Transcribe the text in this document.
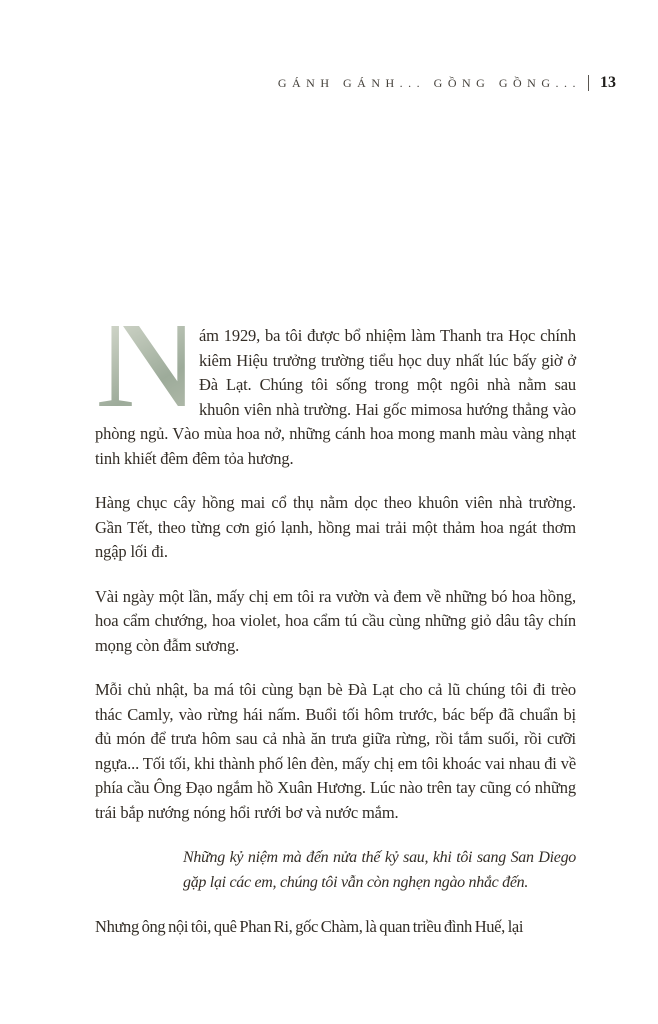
GÁNH GÁNH... GỒNG GỒNG... 13

N
ám 1929, ba tôi được bổ nhiệm làm Thanh tra Học chính kiêm Hiệu trưởng trường tiểu học duy nhất lúc bấy giờ ở Đà Lạt. Chúng tôi sống trong một ngôi nhà nằm sau khuôn viên nhà trường. Hai gốc mimosa hướng thẳng vào phòng ngủ. Vào mùa hoa nở, những cánh hoa mong manh màu vàng nhạt tinh khiết đêm đêm tỏa hương.

Hàng chục cây hồng mai cổ thụ nằm dọc theo khuôn viên nhà trường. Gần Tết, theo từng cơn gió lạnh, hồng mai trải một thảm hoa ngát thơm ngập lối đi.

Vài ngày một lần, mấy chị em tôi ra vườn và đem về những bó hoa hồng, hoa cẩm chướng, hoa violet, hoa cẩm tú cầu cùng những giỏ dâu tây chín mọng còn đẫm sương.

Mỗi chủ nhật, ba má tôi cùng bạn bè Đà Lạt cho cả lũ chúng tôi đi trèo thác Camly, vào rừng hái nấm. Buổi tối hôm trước, bác bếp đã chuẩn bị đủ món để trưa hôm sau cả nhà ăn trưa giữa rừng, rồi tắm suối, rồi cưỡi ngựa... Tối tối, khi thành phố lên đèn, mấy chị em tôi khoác vai nhau đi về phía cầu Ông Đạo ngắm hồ Xuân Hương. Lúc nào trên tay cũng có những trái bắp nướng nóng hổi rưới bơ và nước mắm.

Những kỷ niệm mà đến nửa thế kỷ sau, khi tôi sang San Diego gặp lại các em, chúng tôi vẫn còn nghẹn ngào nhắc đến.

Nhưng ông nội tôi, quê Phan Ri, gốc Chàm, là quan triều đình Huế, lại
